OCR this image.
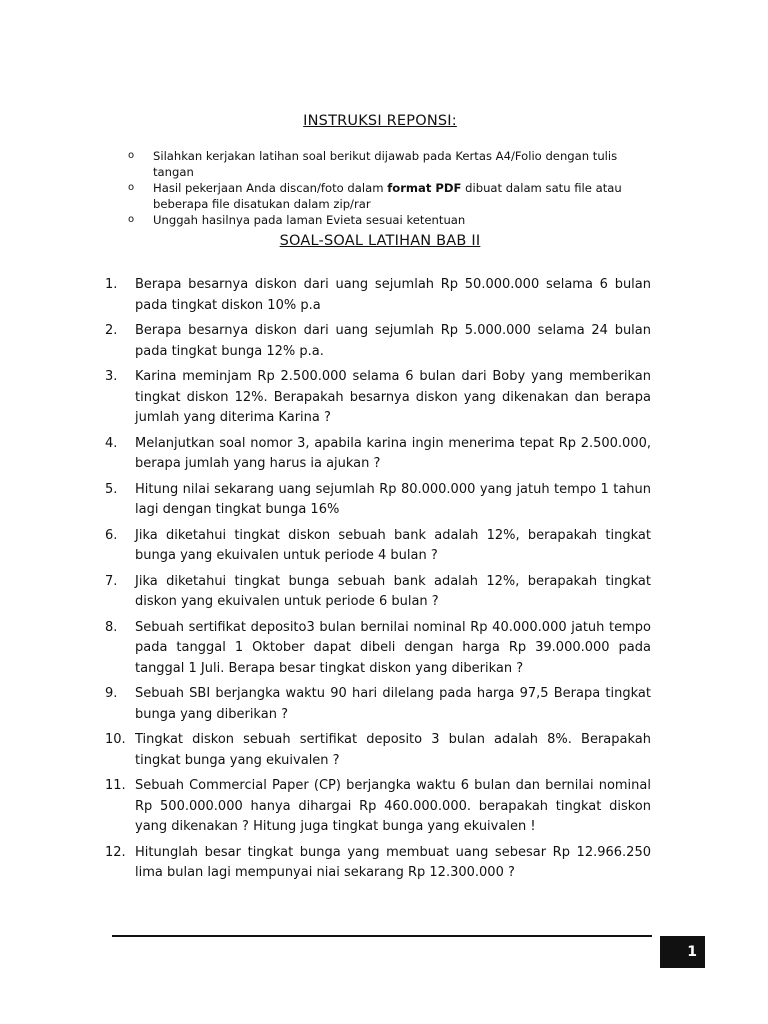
INSTRUKSI REPONSI:
o Silahkan kerjakan latihan soal berikut dijawab pada Kertas A4/Folio dengan tulis tangan
o Hasil pekerjaan Anda discan/foto dalam format PDF dibuat dalam satu file atau beberapa file disatukan dalam zip/rar
o Unggah hasilnya pada laman Evieta sesuai ketentuan
SOAL-SOAL LATIHAN BAB II
1. Berapa besarnya diskon dari uang sejumlah Rp 50.000.000 selama 6 bulan pada tingkat diskon 10% p.a
2. Berapa besarnya diskon dari uang sejumlah Rp 5.000.000 selama 24 bulan pada tingkat bunga 12% p.a.
3. Karina meminjam Rp 2.500.000 selama 6 bulan dari Boby yang memberikan tingkat diskon 12%. Berapakah besarnya diskon yang dikenakan dan berapa jumlah yang diterima Karina ?
4. Melanjutkan soal nomor 3, apabila karina ingin menerima tepat Rp 2.500.000, berapa jumlah yang harus ia ajukan ?
5. Hitung nilai sekarang uang sejumlah Rp 80.000.000 yang jatuh tempo 1 tahun lagi dengan tingkat bunga 16%
6. Jika diketahui tingkat diskon sebuah bank adalah 12%, berapakah tingkat bunga yang ekuivalen untuk periode 4 bulan ?
7. Jika diketahui tingkat bunga sebuah bank adalah 12%, berapakah tingkat diskon yang ekuivalen untuk periode 6 bulan ?
8. Sebuah sertifikat deposito3 bulan bernilai nominal Rp 40.000.000 jatuh tempo pada tanggal 1 Oktober dapat dibeli dengan harga Rp 39.000.000 pada tanggal 1 Juli. Berapa besar tingkat diskon yang diberikan ?
9. Sebuah SBI berjangka waktu 90 hari dilelang pada harga 97,5 Berapa tingkat bunga yang diberikan ?
10. Tingkat diskon sebuah sertifikat deposito 3 bulan adalah 8%. Berapakah tingkat bunga yang ekuivalen ?
11. Sebuah Commercial Paper (CP) berjangka waktu 6 bulan dan bernilai nominal Rp 500.000.000 hanya dihargai Rp 460.000.000. berapakah tingkat diskon yang dikenakan ? Hitung juga tingkat bunga yang ekuivalen !
12. Hitunglah besar tingkat bunga yang membuat uang sebesar Rp 12.966.250 lima bulan lagi mempunyai niai sekarang Rp 12.300.000 ?
1
